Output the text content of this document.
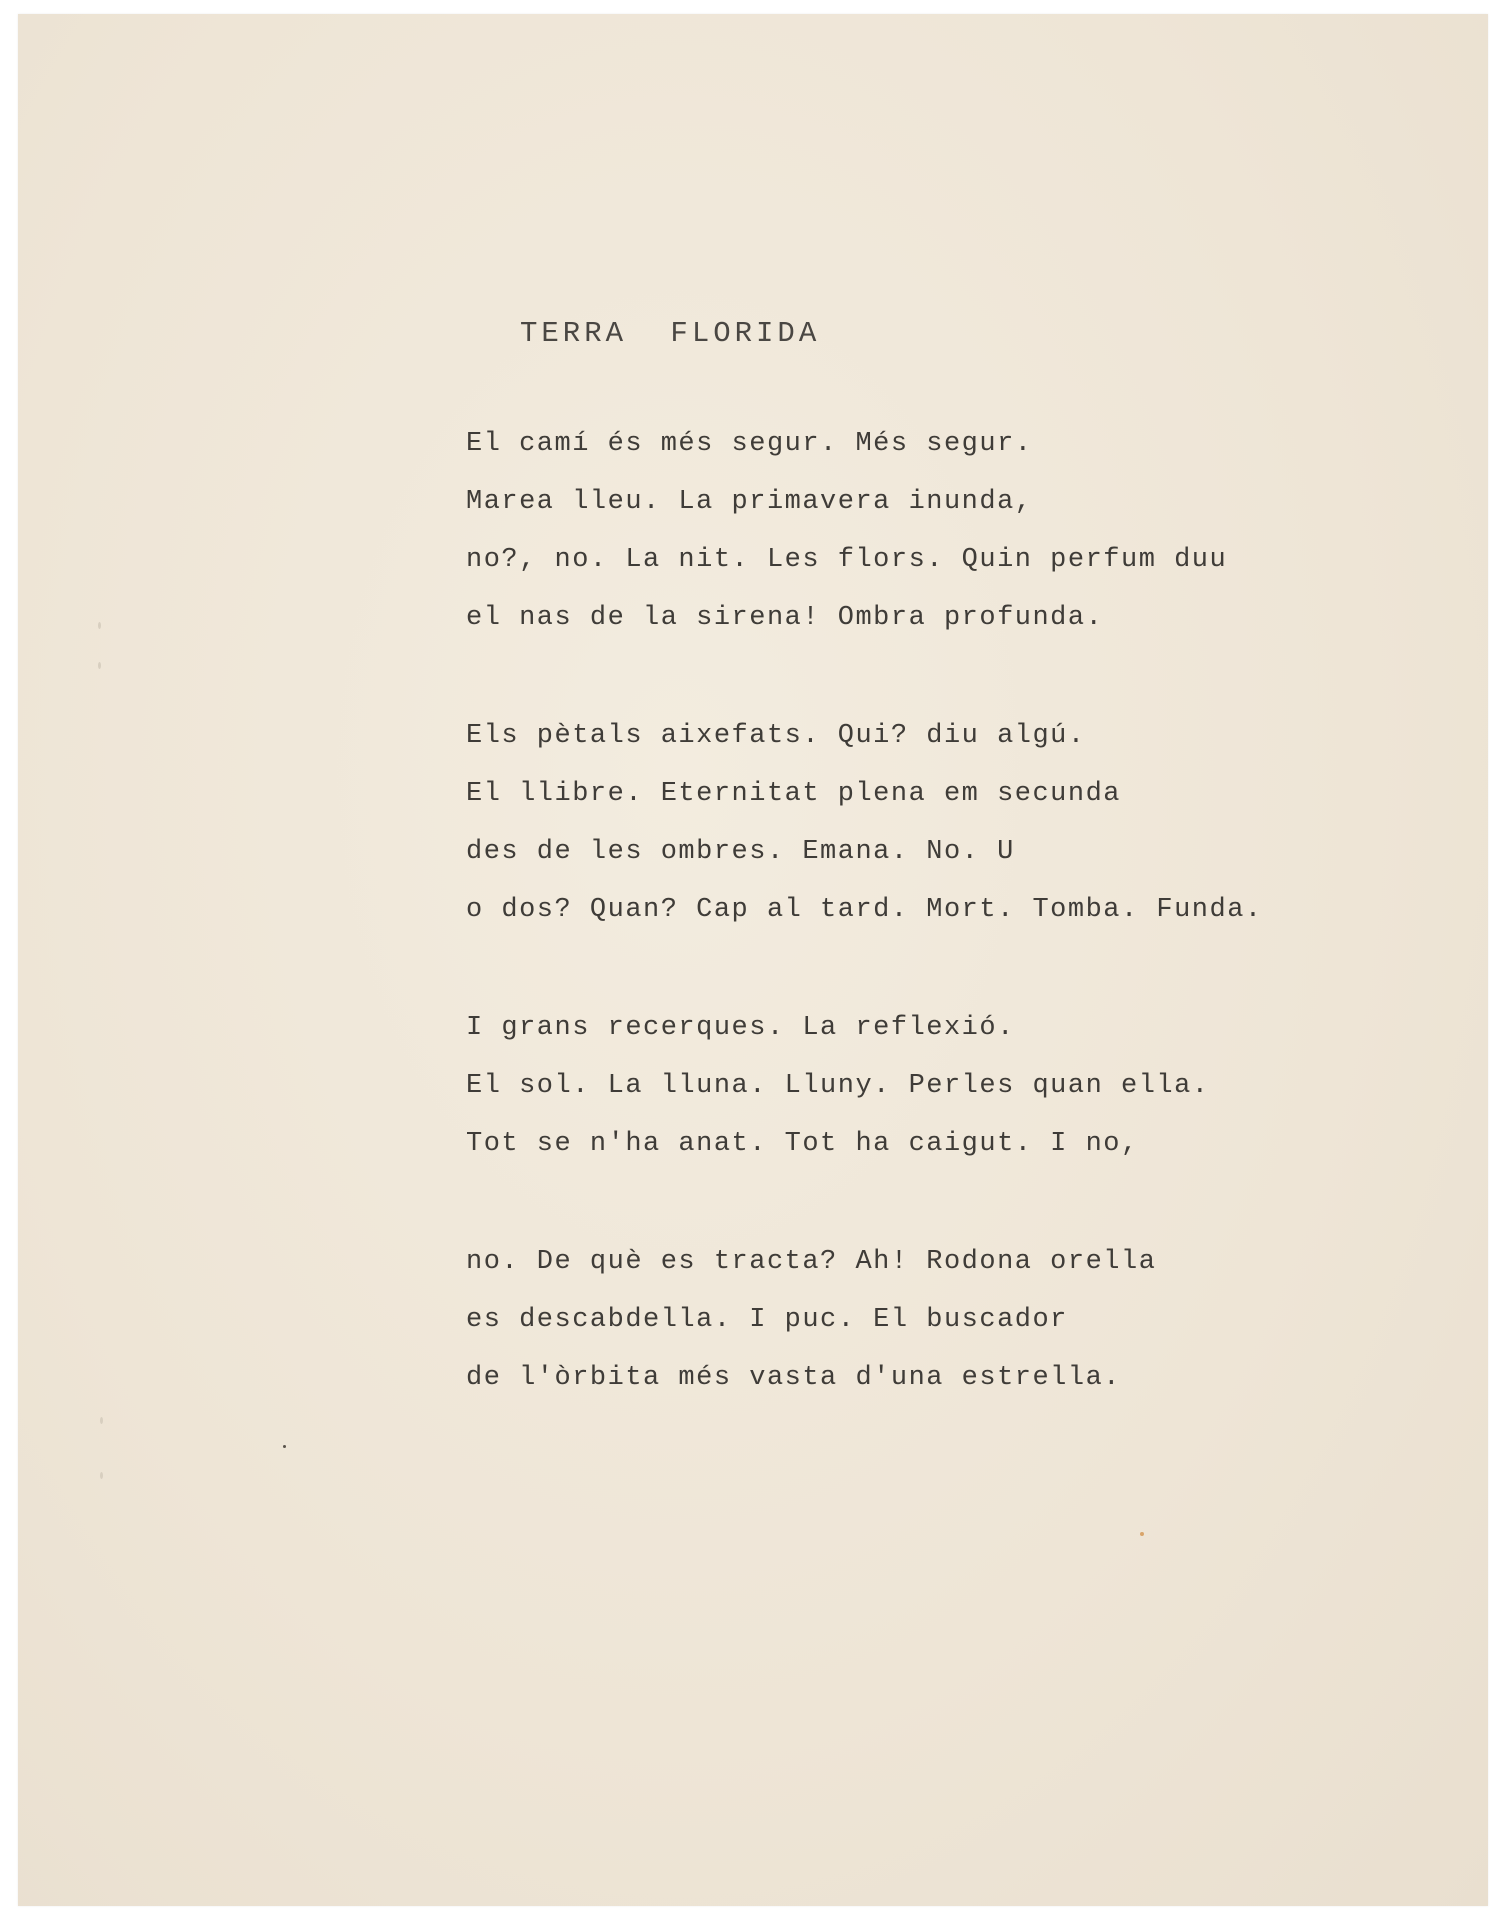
TERRA FLORIDA
El camí és més segur. Més segur.
Marea lleu. La primavera inunda,
no?, no. La nit. Les flors. Quin perfum duu
el nas de la sirena! Ombra profunda.
Els pètals aixefats. Qui? diu algú.
El llibre. Eternitat plena em secunda
des de les ombres. Emana. No. U
o dos? Quan? Cap al tard. Mort. Tomba. Funda.
I grans recerques. La reflexió.
El sol. La lluna. Lluny. Perles quan ella.
Tot se n'ha anat. Tot ha caigut. I no,
no. De què es tracta? Ah! Rodona orella
es descabdella. I puc. El buscador
de l'òrbita més vasta d'una estrella.
